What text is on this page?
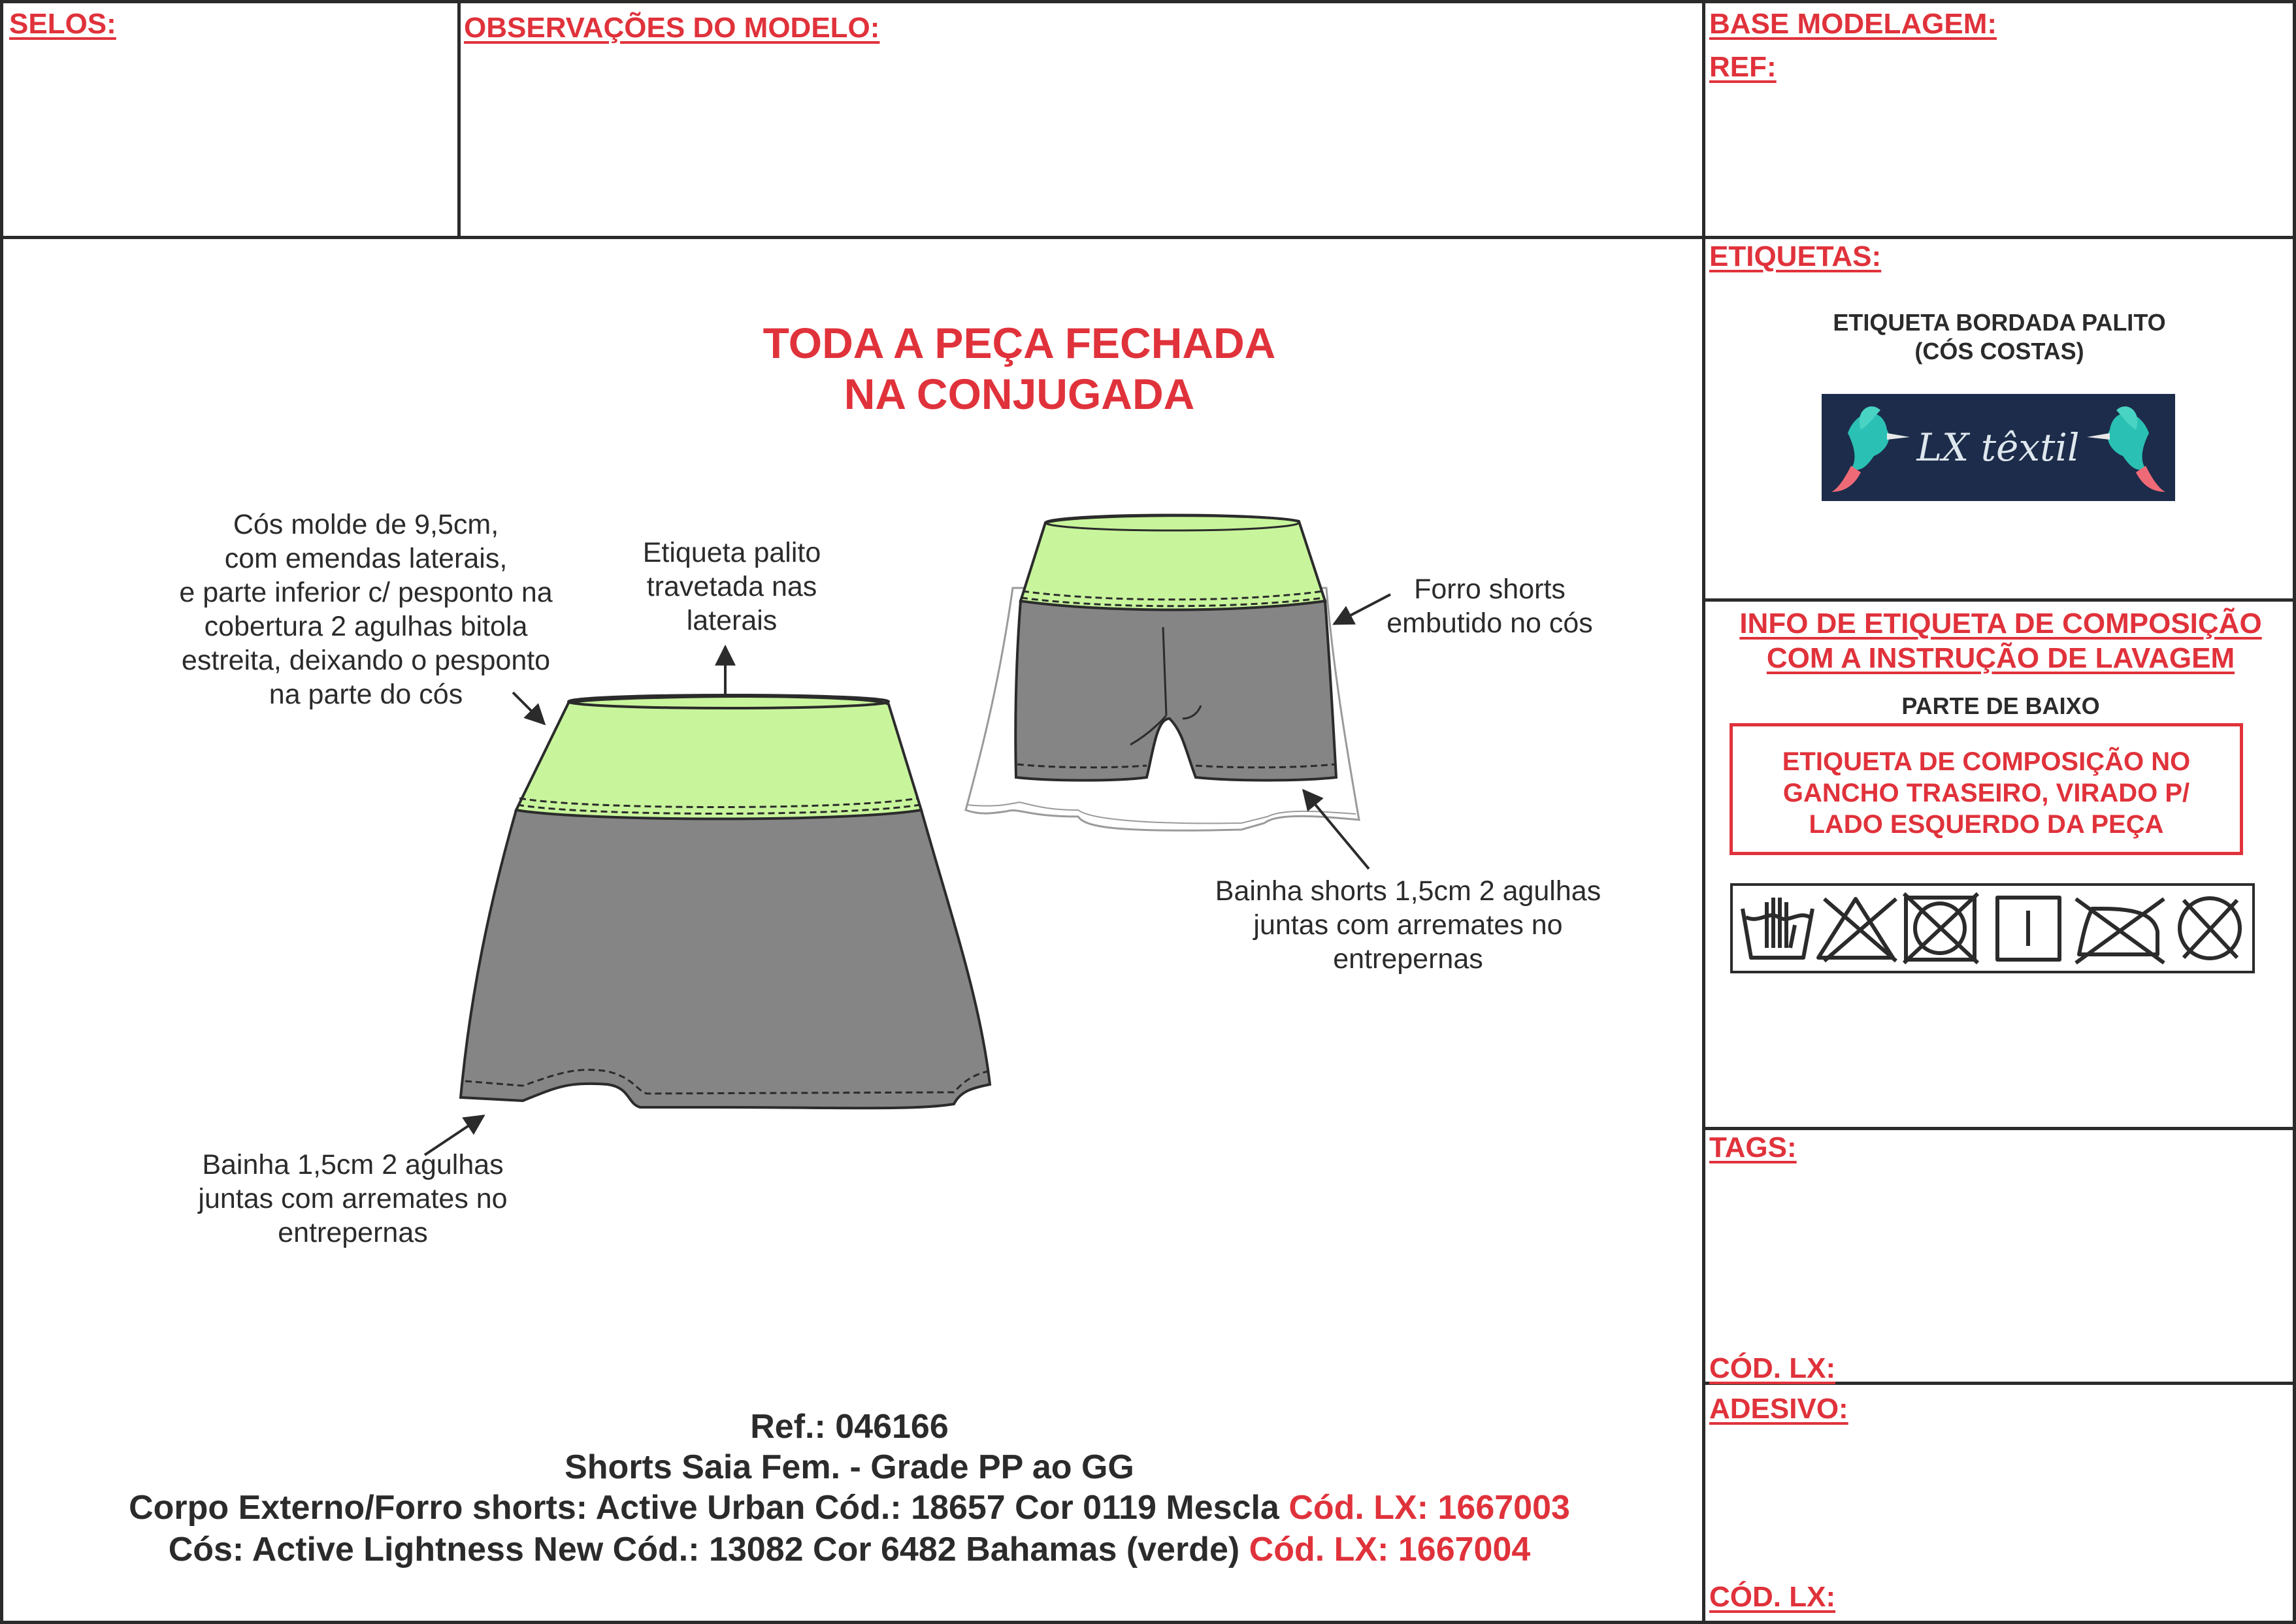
SELOS:	OBSERVAÇÕES DO MODELO:	BASE MODELAGEM:
REF:
ETIQUETAS:
ETIQUETA BORDADA PALITO
(CÓS COSTAS)
LX têxtil
INFO DE ETIQUETA DE COMPOSIÇÃO
COM A INSTRUÇÃO DE LAVAGEM
PARTE DE BAIXO
ETIQUETA DE COMPOSIÇÃO NO
GANCHO TRASEIRO, VIRADO P/
LADO ESQUERDO DA PEÇA
TAGS:
CÓD. LX:
ADESIVO:
CÓD. LX:
TODA A PEÇA FECHADA
NA CONJUGADA
Cós molde de 9,5cm,
com emendas laterais,
e parte inferior c/ pesponto na
cobertura 2 agulhas bitola
estreita, deixando o pesponto
na parte do cós
Etiqueta palito
travetada nas
laterais
Forro shorts
embutido no cós
Bainha shorts 1,5cm 2 agulhas
juntas com arremates no
entrepernas
Bainha 1,5cm 2 agulhas
juntas com arremates no
entrepernas
Ref.: 046166
Shorts Saia Fem. - Grade PP ao GG
Corpo Externo/Forro shorts: Active Urban Cód.: 18657 Cor 0119 Mescla Cód. LX: 1667003
Cós: Active Lightness New Cód.: 13082 Cor 6482 Bahamas (verde) Cód. LX: 1667004
